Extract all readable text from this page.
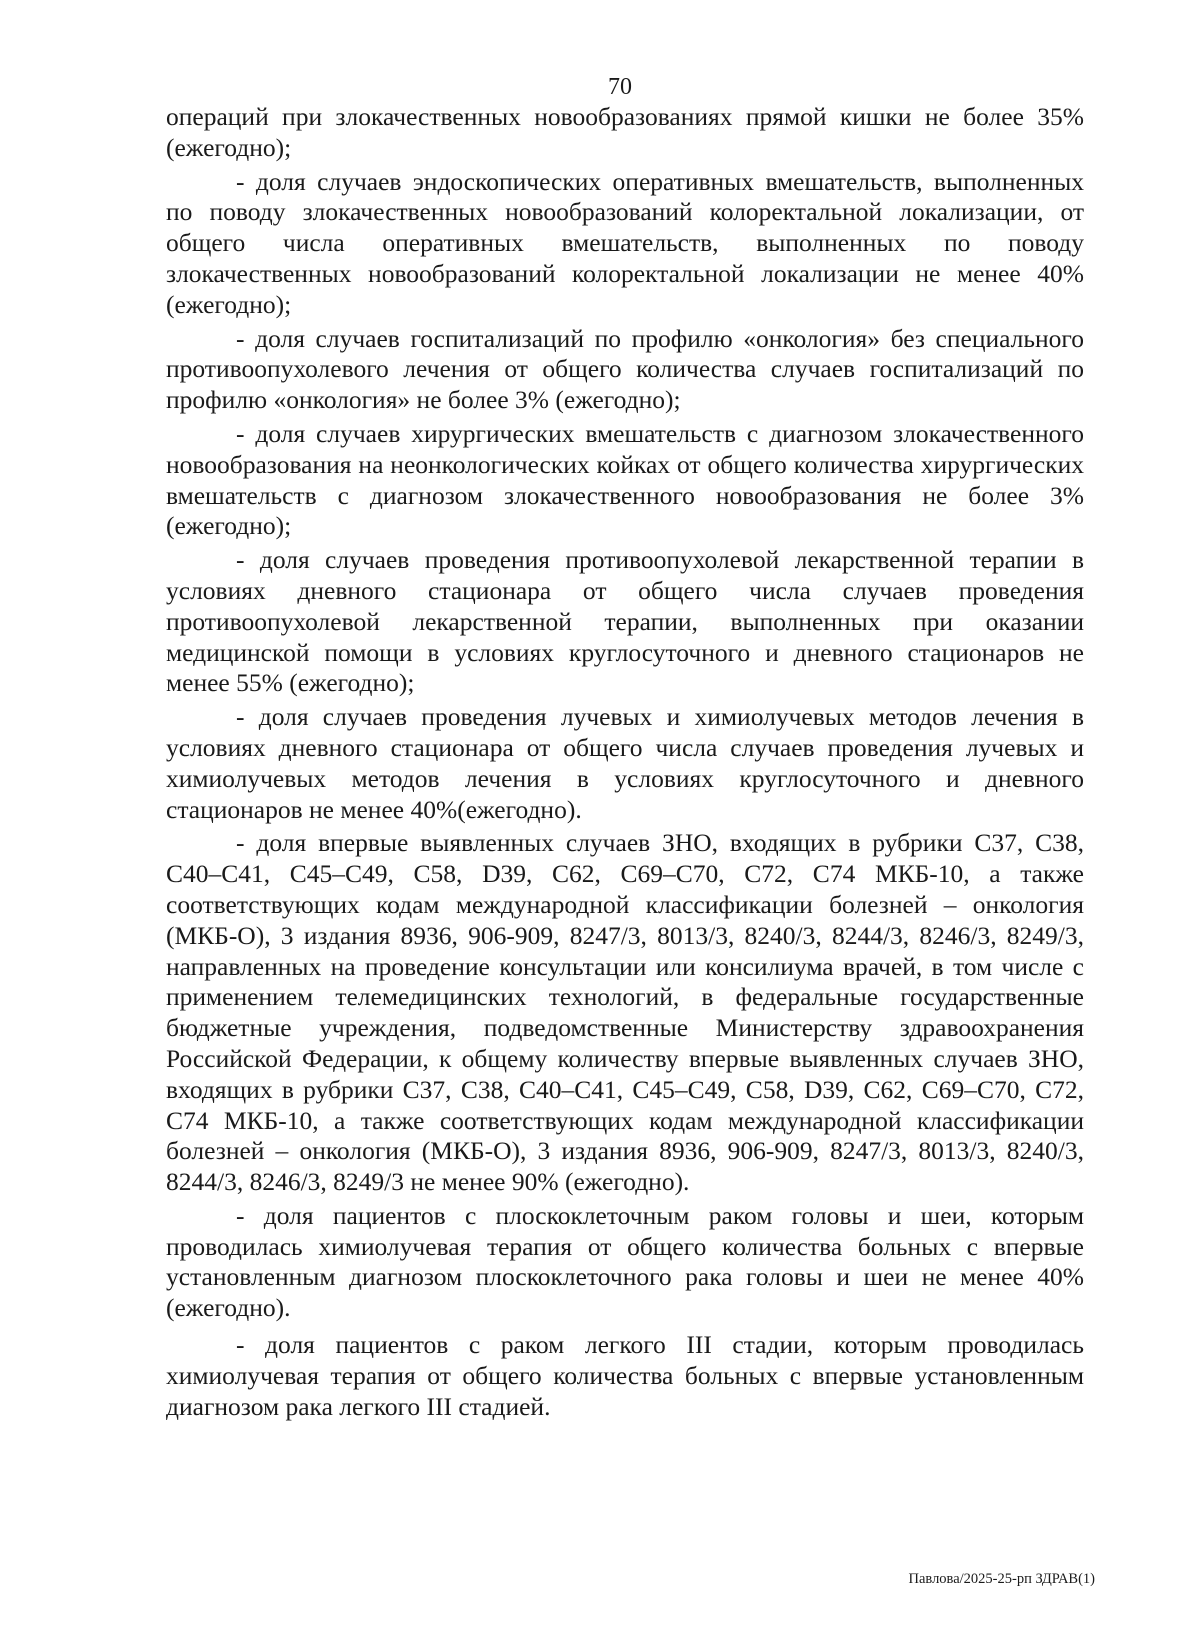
70

операций при злокачественных новообразованиях прямой кишки не более 35% (ежегодно);

- доля случаев эндоскопических оперативных вмешательств, выполненных по поводу злокачественных новообразований колоректальной локализации, от общего числа оперативных вмешательств, выполненных по поводу злокачественных новообразований колоректальной локализации не менее 40% (ежегодно);

- доля случаев госпитализаций по профилю «онкология» без специального противоопухолевого лечения от общего количества случаев госпитализаций по профилю «онкология» не более 3% (ежегодно);

- доля случаев хирургических вмешательств с диагнозом злокачественного новообразования на неонкологических койках от общего количества хирургических вмешательств с диагнозом злокачественного новообразования не более 3% (ежегодно);

- доля случаев проведения противоопухолевой лекарственной терапии в условиях дневного стационара от общего числа случаев проведения противоопухолевой лекарственной терапии, выполненных при оказании медицинской помощи в условиях круглосуточного и дневного стационаров не менее 55% (ежегодно);

- доля случаев проведения лучевых и химиолучевых методов лечения в условиях дневного стационара от общего числа случаев проведения лучевых и химиолучевых методов лечения в условиях круглосуточного и дневного стационаров не менее 40%(ежегодно).

- доля впервые выявленных случаев ЗНО, входящих в рубрики С37, С38, С40–С41, С45–С49, С58, D39, С62, С69–С70, С72, С74 МКБ-10, а также соответствующих кодам международной классификации болезней – онкология (МКБ-О), 3 издания 8936, 906-909, 8247/3, 8013/3, 8240/3, 8244/3, 8246/3, 8249/3, направленных на проведение консультации или консилиума врачей, в том числе с применением телемедицинских технологий, в федеральные государственные бюджетные учреждения, подведомственные Министерству здравоохранения Российской Федерации, к общему количеству впервые выявленных случаев ЗНО, входящих в рубрики С37, С38, С40–С41, С45–С49, С58, D39, С62, С69–С70, С72, С74 МКБ-10, а также соответствующих кодам международной классификации болезней – онкология (МКБ-О), 3 издания 8936, 906-909, 8247/3, 8013/3, 8240/3, 8244/3, 8246/3, 8249/3 не менее 90% (ежегодно).

- доля пациентов с плоскоклеточным раком головы и шеи, которым проводилась химиолучевая терапия от общего количества больных с впервые установленным диагнозом плоскоклеточного рака головы и шеи не менее 40% (ежегодно).

- доля пациентов с раком легкого III стадии, которым проводилась химиолучевая терапия от общего количества больных с впервые установленным диагнозом рака легкого III стадией.

Павлова/2025-25-рп ЗДРАВ(1)
